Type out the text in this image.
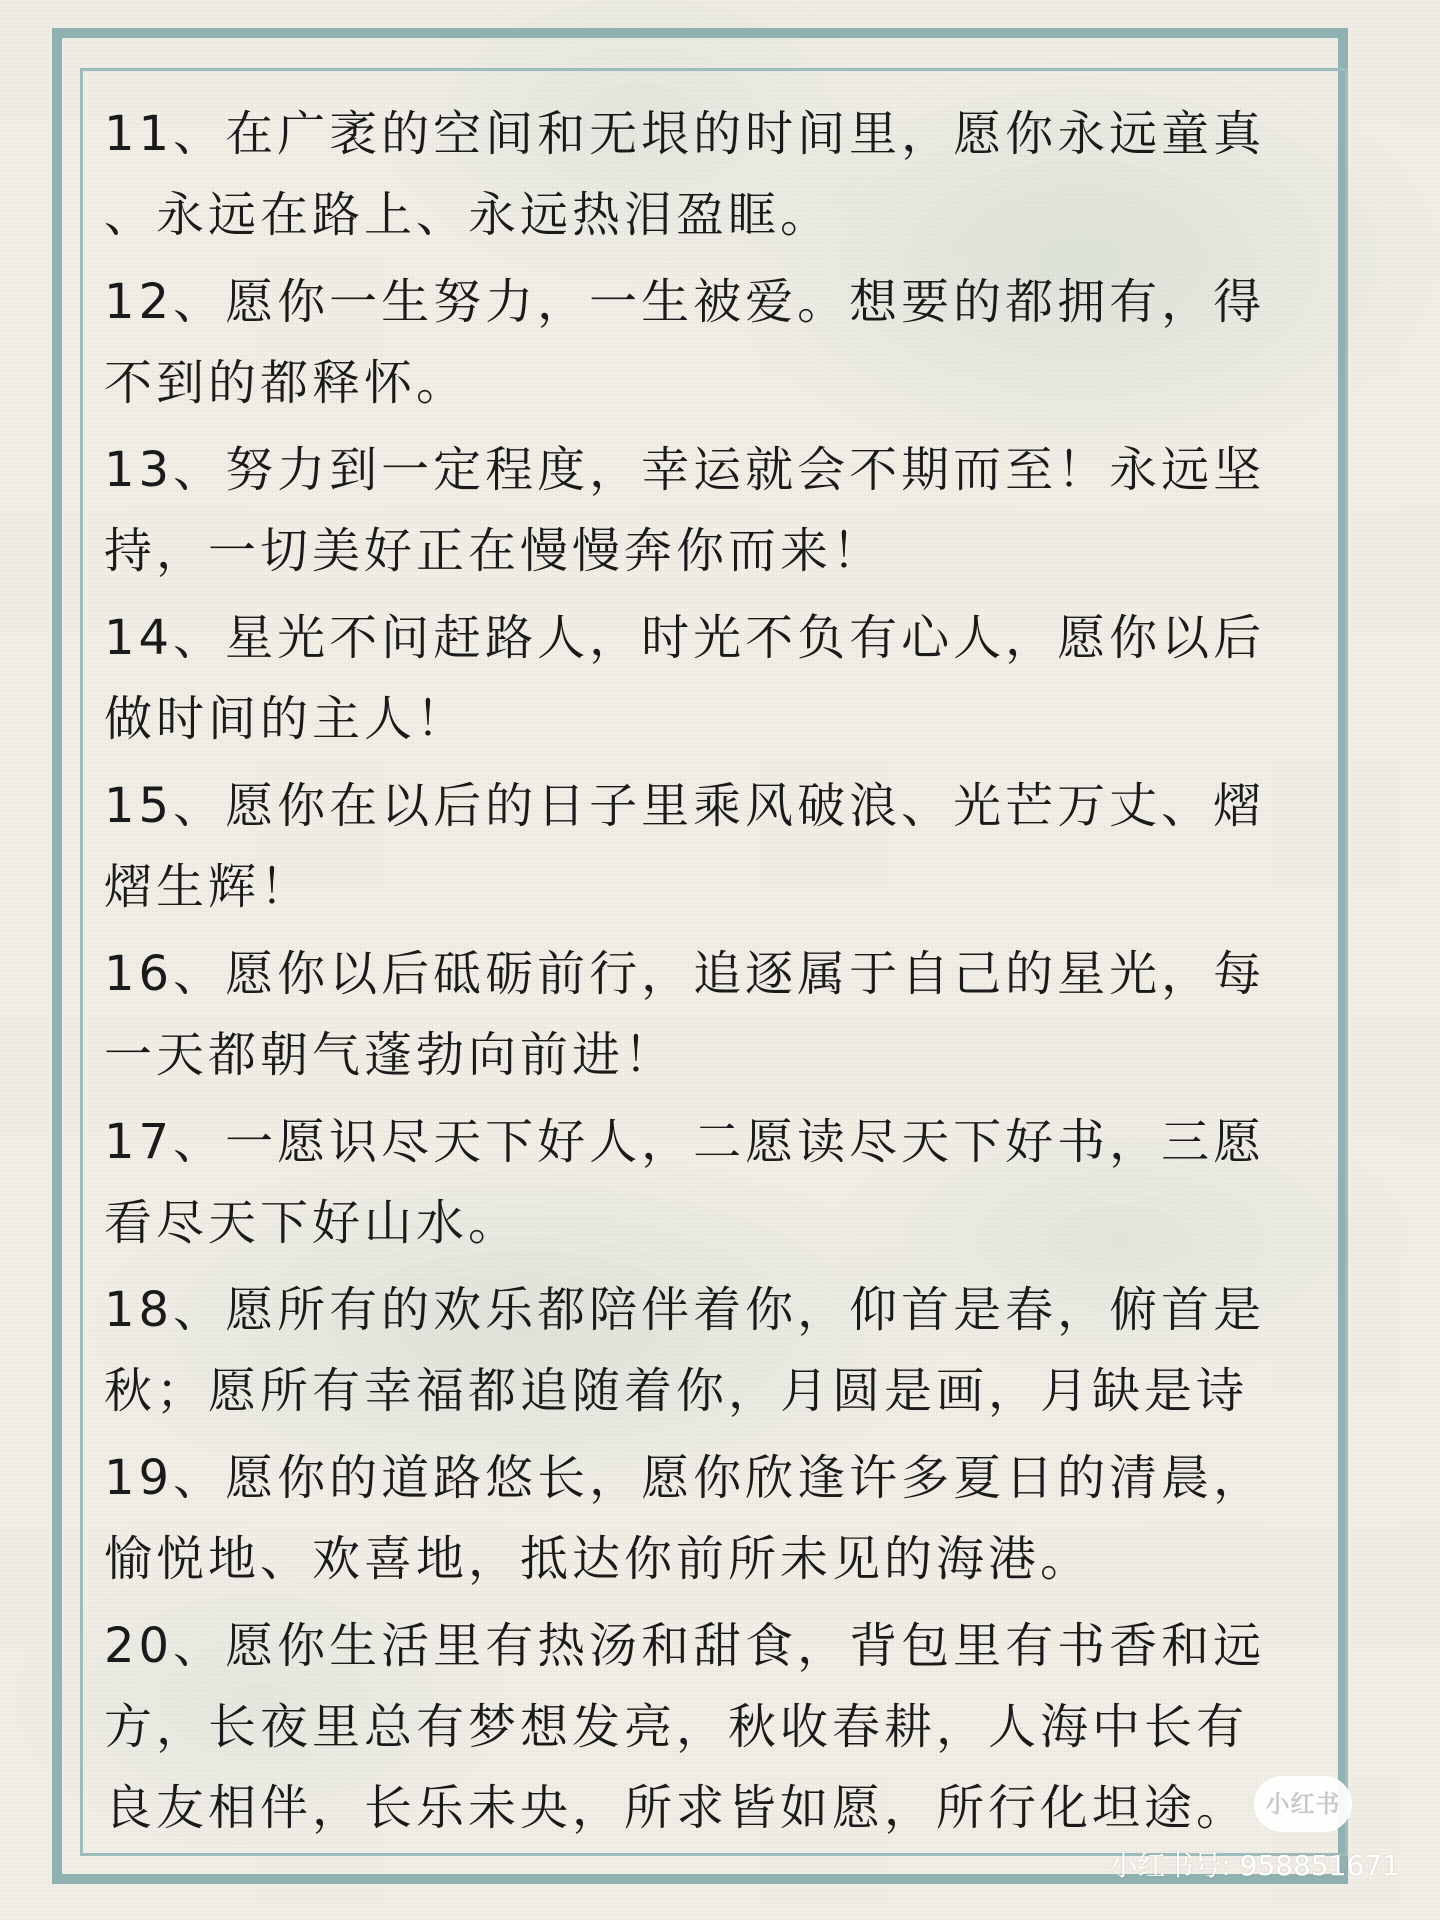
11、在广袤的空间和无垠的时间里，愿你永远童真
、永远在路上、永远热泪盈眶。

12、愿你一生努力，一生被爱。想要的都拥有，得
不到的都释怀。

13、努力到一定程度，幸运就会不期而至！永远坚
持，一切美好正在慢慢奔你而来！

14、星光不问赶路人，时光不负有心人，愿你以后
做时间的主人！

15、愿你在以后的日子里乘风破浪、光芒万丈、熠
熠生辉！

16、愿你以后砥砺前行，追逐属于自己的星光，每
一天都朝气蓬勃向前进！

17、一愿识尽天下好人，二愿读尽天下好书，三愿
看尽天下好山水。

18、愿所有的欢乐都陪伴着你，仰首是春，俯首是
秋；愿所有幸福都追随着你，月圆是画，月缺是诗

19、愿你的道路悠长，愿你欣逢许多夏日的清晨，
愉悦地、欢喜地，抵达你前所未见的海港。

20、愿你生活里有热汤和甜食，背包里有书香和远
方，长夜里总有梦想发亮，秋收春耕，人海中长有
良友相伴，长乐未央，所求皆如愿，所行化坦途。 小红书
小红书号: 958851671
